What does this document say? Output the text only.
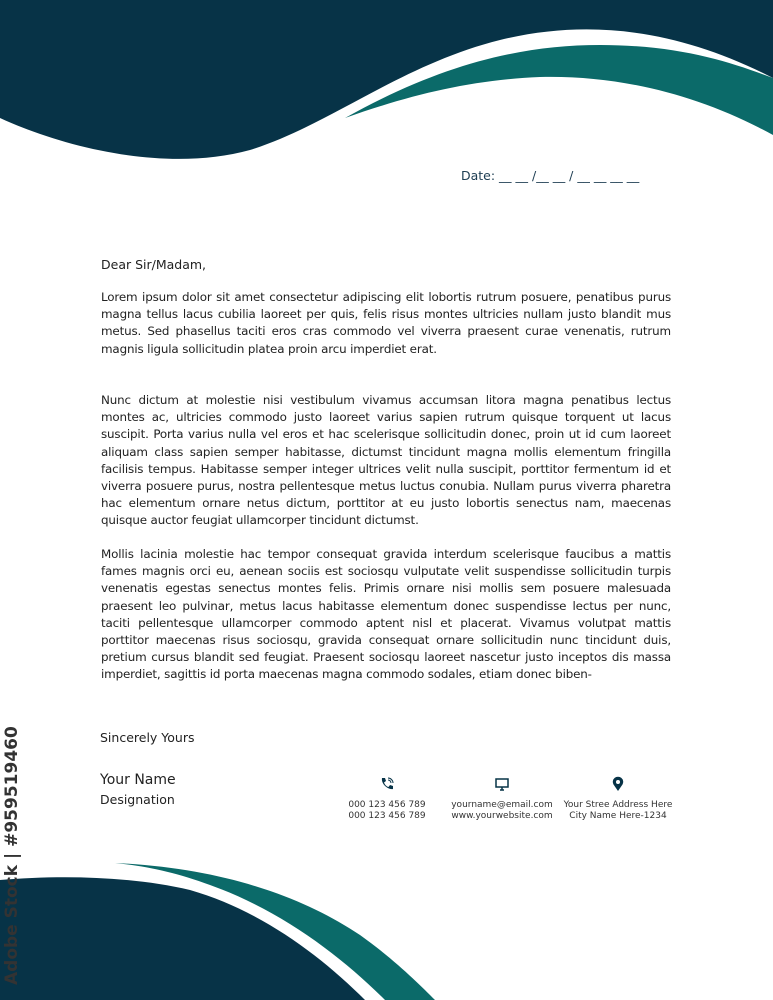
Date: __ __ /__ __ / __ __ __ __
Dear Sir/Madam,
Lorem ipsum dolor sit amet consectetur adipiscing elit lobortis rutrum posuere, penatibus purus magna tellus lacus cubilia laoreet per quis, felis risus montes ultricies nullam justo blandit mus metus. Sed phasellus taciti eros cras commodo vel viverra praesent curae venenatis, rutrum magnis ligula sollicitudin platea proin arcu imperdiet erat.
Nunc dictum at molestie nisi vestibulum vivamus accumsan litora magna penatibus lectus montes ac, ultricies commodo justo laoreet varius sapien rutrum quisque torquent ut lacus suscipit. Porta varius nulla vel eros et hac scelerisque sollicitudin donec, proin ut id cum laoreet aliquam class sapien semper habitasse, dictumst tincidunt magna mollis elementum fringilla facilisis tempus. Habitasse semper integer ultrices velit nulla suscipit, porttitor fermentum id et viverra posuere purus, nostra pellentesque metus luctus conubia. Nullam purus viverra pharetra hac elementum ornare netus dictum, porttitor at eu justo lobortis senectus nam, maecenas quisque auctor feugiat ullamcorper tincidunt dictumst.
Mollis lacinia molestie hac tempor consequat gravida interdum scelerisque faucibus a mattis fames magnis orci eu, aenean sociis est sociosqu vulputate velit suspendisse sollicitudin turpis venenatis egestas senectus montes felis. Primis ornare nisi mollis sem posuere malesuada praesent leo pulvinar, metus lacus habitasse elementum donec suspendisse lectus per nunc, taciti pellentesque ullamcorper commodo aptent nisl et placerat. Vivamus volutpat mattis porttitor maecenas risus sociosqu, gravida consequat ornare sollicitudin nunc tincidunt duis, pretium cursus blandit sed feugiat. Praesent sociosqu laoreet nascetur justo inceptos dis massa imperdiet, sagittis id porta maecenas magna commodo sodales, etiam donec biben-
Sincerely Yours
Your Name
Designation	000 123 456 789
000 123 456 789
yourname@email.com
www.yourwebsite.com
Your Stree Address Here
City Name Here-1234
Adobe Stock | #959519460
